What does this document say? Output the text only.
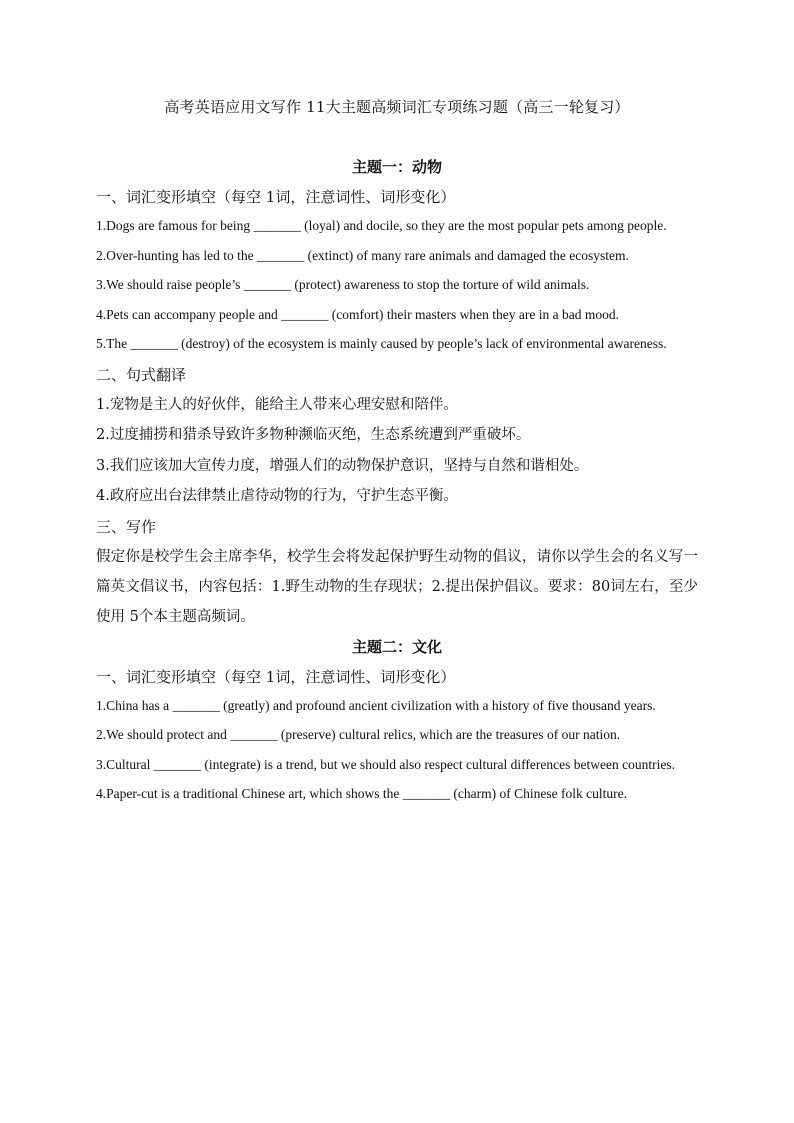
高考英语应用文写作 11大主题高频词汇专项练习题（高三一轮复习）

主题一：动物

一、词汇变形填空（每空 1词，注意词性、词形变化）

1.Dogs are famous for being _______ (loyal) and docile, so they are the most popular pets among people.

2.Over-hunting has led to the _______ (extinct) of many rare animals and damaged the ecosystem.

3.We should raise people’s _______ (protect) awareness to stop the torture of wild animals.

4.Pets can accompany people and _______ (comfort) their masters when they are in a bad mood.

5.The _______ (destroy) of the ecosystem is mainly caused by people’s lack of environmental awareness.

二、句式翻译

1.宠物是主人的好伙伴，能给主人带来心理安慰和陪伴。

2.过度捕捞和猎杀导致许多物种濒临灭绝，生态系统遭到严重破坏。

3.我们应该加大宣传力度，增强人们的动物保护意识，坚持与自然和谐相处。

4.政府应出台法律禁止虐待动物的行为，守护生态平衡。

三、写作

假定你是校学生会主席李华，校学生会将发起保护野生动物的倡议，请你以学生会的名义写一篇英文倡议书，内容包括：1.野生动物的生存现状；2.提出保护倡议。要求：80词左右，至少使用 5个本主题高频词。

主题二：文化

一、词汇变形填空（每空 1词，注意词性、词形变化）

1.China has a _______ (greatly) and profound ancient civilization with a history of five thousand years.

2.We should protect and _______ (preserve) cultural relics, which are the treasures of our nation.

3.Cultural _______ (integrate) is a trend, but we should also respect cultural differences between countries.

4.Paper-cut is a traditional Chinese art, which shows the _______ (charm) of Chinese folk culture.
